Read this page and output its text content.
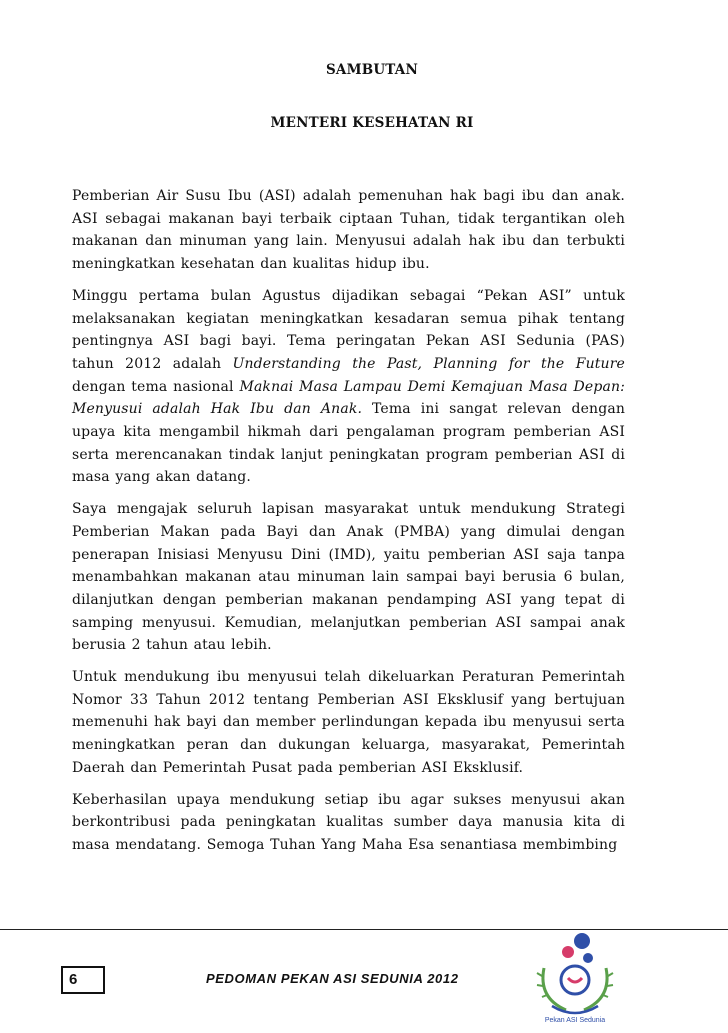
SAMBUTAN
MENTERI KESEHATAN RI

Pemberian Air Susu Ibu (ASI) adalah pemenuhan hak bagi ibu dan anak. ASI sebagai makanan bayi terbaik ciptaan Tuhan, tidak tergantikan oleh makanan dan minuman yang lain. Menyusui adalah hak ibu dan terbukti meningkatkan kesehatan dan kualitas hidup ibu.

Minggu pertama bulan Agustus dijadikan sebagai “Pekan ASI” untuk melaksanakan kegiatan meningkatkan kesadaran semua pihak tentang pentingnya ASI bagi bayi. Tema peringatan Pekan ASI Sedunia (PAS) tahun 2012 adalah Understanding the Past, Planning for the Future dengan tema nasional Maknai Masa Lampau Demi Kemajuan Masa Depan: Menyusui adalah Hak Ibu dan Anak. Tema ini sangat relevan dengan upaya kita mengambil hikmah dari pengalaman program pemberian ASI serta merencanakan tindak lanjut peningkatan program pemberian ASI di masa yang akan datang.

Saya mengajak seluruh lapisan masyarakat untuk mendukung Strategi Pemberian Makan pada Bayi dan Anak (PMBA) yang dimulai dengan penerapan Inisiasi Menyusu Dini (IMD), yaitu pemberian ASI saja tanpa menambahkan makanan atau minuman lain sampai bayi berusia 6 bulan, dilanjutkan dengan pemberian makanan pendamping ASI yang tepat di samping menyusui. Kemudian, melanjutkan pemberian ASI sampai anak berusia 2 tahun atau lebih.

Untuk mendukung ibu menyusui telah dikeluarkan Peraturan Pemerintah Nomor 33 Tahun 2012 tentang Pemberian ASI Eksklusif yang bertujuan memenuhi hak bayi dan member perlindungan kepada ibu menyusui serta meningkatkan peran dan dukungan keluarga, masyarakat, Pemerintah Daerah dan Pemerintah Pusat pada pemberian ASI Eksklusif.

Keberhasilan upaya mendukung setiap ibu agar sukses menyusui akan berkontribusi pada peningkatan kualitas sumber daya manusia kita di masa mendatang. Semoga Tuhan Yang Maha Esa senantiasa membimbing

6	PEDOMAN PEKAN ASI SEDUNIA 2012
Pekan ASI Sedunia
